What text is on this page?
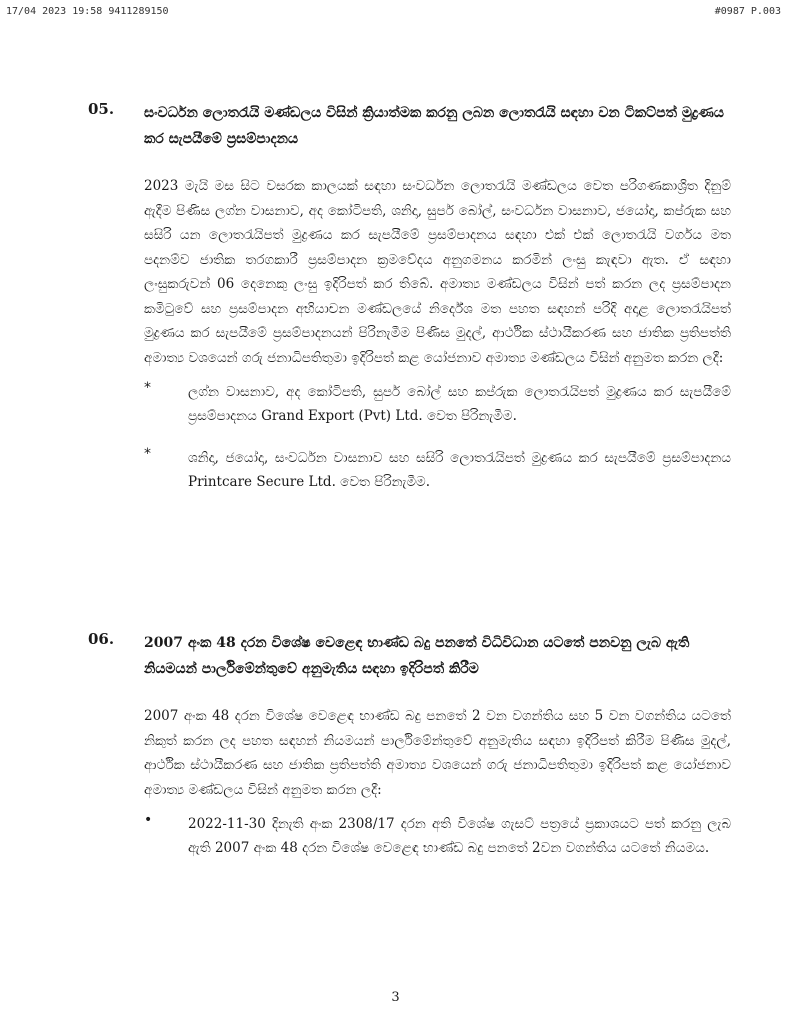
17/04 2023 19:58 9411289150	#0987 P.003
05. සංවර්ධන ලොතරැයි මණ්ඩලය විසින් ක්‍රියාත්මක කරනු ලබන ලොතරැයි සඳහා වන ටිකට්පත් මුද්‍රණය කර සැපයීමේ ප්‍රසම්පාදනය
2023 මැයි මස සිට වසරක කාලයක් සඳහා සංවර්ධන ලොතරැයි මණ්ඩලය වෙත පරිගණකාශ්‍රිත දිනුම් ඇදීම පිණිස ලග්න වාසනාව, අද කෝටිපති, ශනිදා, සුපර් බෝල්, සංවර්ධන වාසනාව, ජයෝදා, කප්රුක සහ සසිරි යන ලොතරැයිපත් මුද්‍රණය කර සැපයීමේ ප්‍රසම්පාදනය සඳහා එක් එක් ලොතරැයි වර්ගය මත පදනම්ව ජාතික තරගකාරී ප්‍රසම්පාදන ක්‍රමවේදය අනුගමනය කරමින් ලංසු කැඳවා ඇත. ඒ සඳහා ලංසුකරුවන් 06 දෙනෙකු ලංසු ඉදිරිපත් කර තිබේ. අමාත්‍ය මණ්ඩලය විසින් පත් කරන ලද ප්‍රසම්පාදන කමිටුවේ සහ ප්‍රසම්පාදන අභියාචන මණ්ඩලයේ නිර්දේශ මත පහත සඳහන් පරිදි අදාළ ලොතරැයිපත් මුද්‍රණය කර සැපයීමේ ප්‍රසම්පාදනයන් පිරිනැමීම පිණිස මුදල්, ආර්ථික ස්ථායීකරණ සහ ජාතික ප්‍රතිපත්ති අමාත්‍ය වශයෙන් ගරු ජනාධිපතිතුමා ඉදිරිපත් කළ යෝජනාව අමාත්‍ය මණ්ඩලය විසින් අනුමත කරන ලදී:
*	ලග්න වාසනාව, අද කෝටිපති, සුපර් බෝල් සහ කප්රුක ලොතරැයිපත් මුද්‍රණය කර සැපයීමේ ප්‍රසම්පාදනය Grand Export (Pvt) Ltd. වෙත පිරිනැමීම.
*	ශනිදා, ජයෝදා, සංවර්ධන වාසනාව සහ සසිරි ලොතරැයිපත් මුද්‍රණය කර සැපයීමේ ප්‍රසම්පාදනය Printcare Secure Ltd. වෙත පිරිනැමීම.
06. 2007 අංක 48 දරන විශේෂ වෙළෙඳ භාණ්ඩ බදු පනතේ විධිවිධාන යටතේ පනවනු ලැබ ඇති නියමයන් පාර්ලිමේන්තුවේ අනුමැතිය සඳහා ඉදිරිපත් කිරීම
2007 අංක 48 දරන විශේෂ වෙළෙඳ භාණ්ඩ බදු පනතේ 2 වන වගන්තිය සහ 5 වන වගන්තිය යටතේ නිකුත් කරන ලද පහත සඳහන් නියමයන් පාර්ලිමේන්තුවේ අනුමැතිය සඳහා ඉදිරිපත් කිරීම පිණිස මුදල්, ආර්ථික ස්ථායීකරණ සහ ජාතික ප්‍රතිපත්ති අමාත්‍ය වශයෙන් ගරු ජනාධිපතිතුමා ඉදිරිපත් කළ යෝජනාව අමාත්‍ය මණ්ඩලය විසින් අනුමත කරන ලදී:
•	2022-11-30 දිනැති අංක 2308/17 දරන අති විශේෂ ගැසට් පත්‍රයේ ප්‍රකාශයට පත් කරනු ලැබ ඇති 2007 අංක 48 දරන විශේෂ වෙළෙඳ භාණ්ඩ බදු පනතේ 2වන වගන්තිය යටතේ නියමය.
3
